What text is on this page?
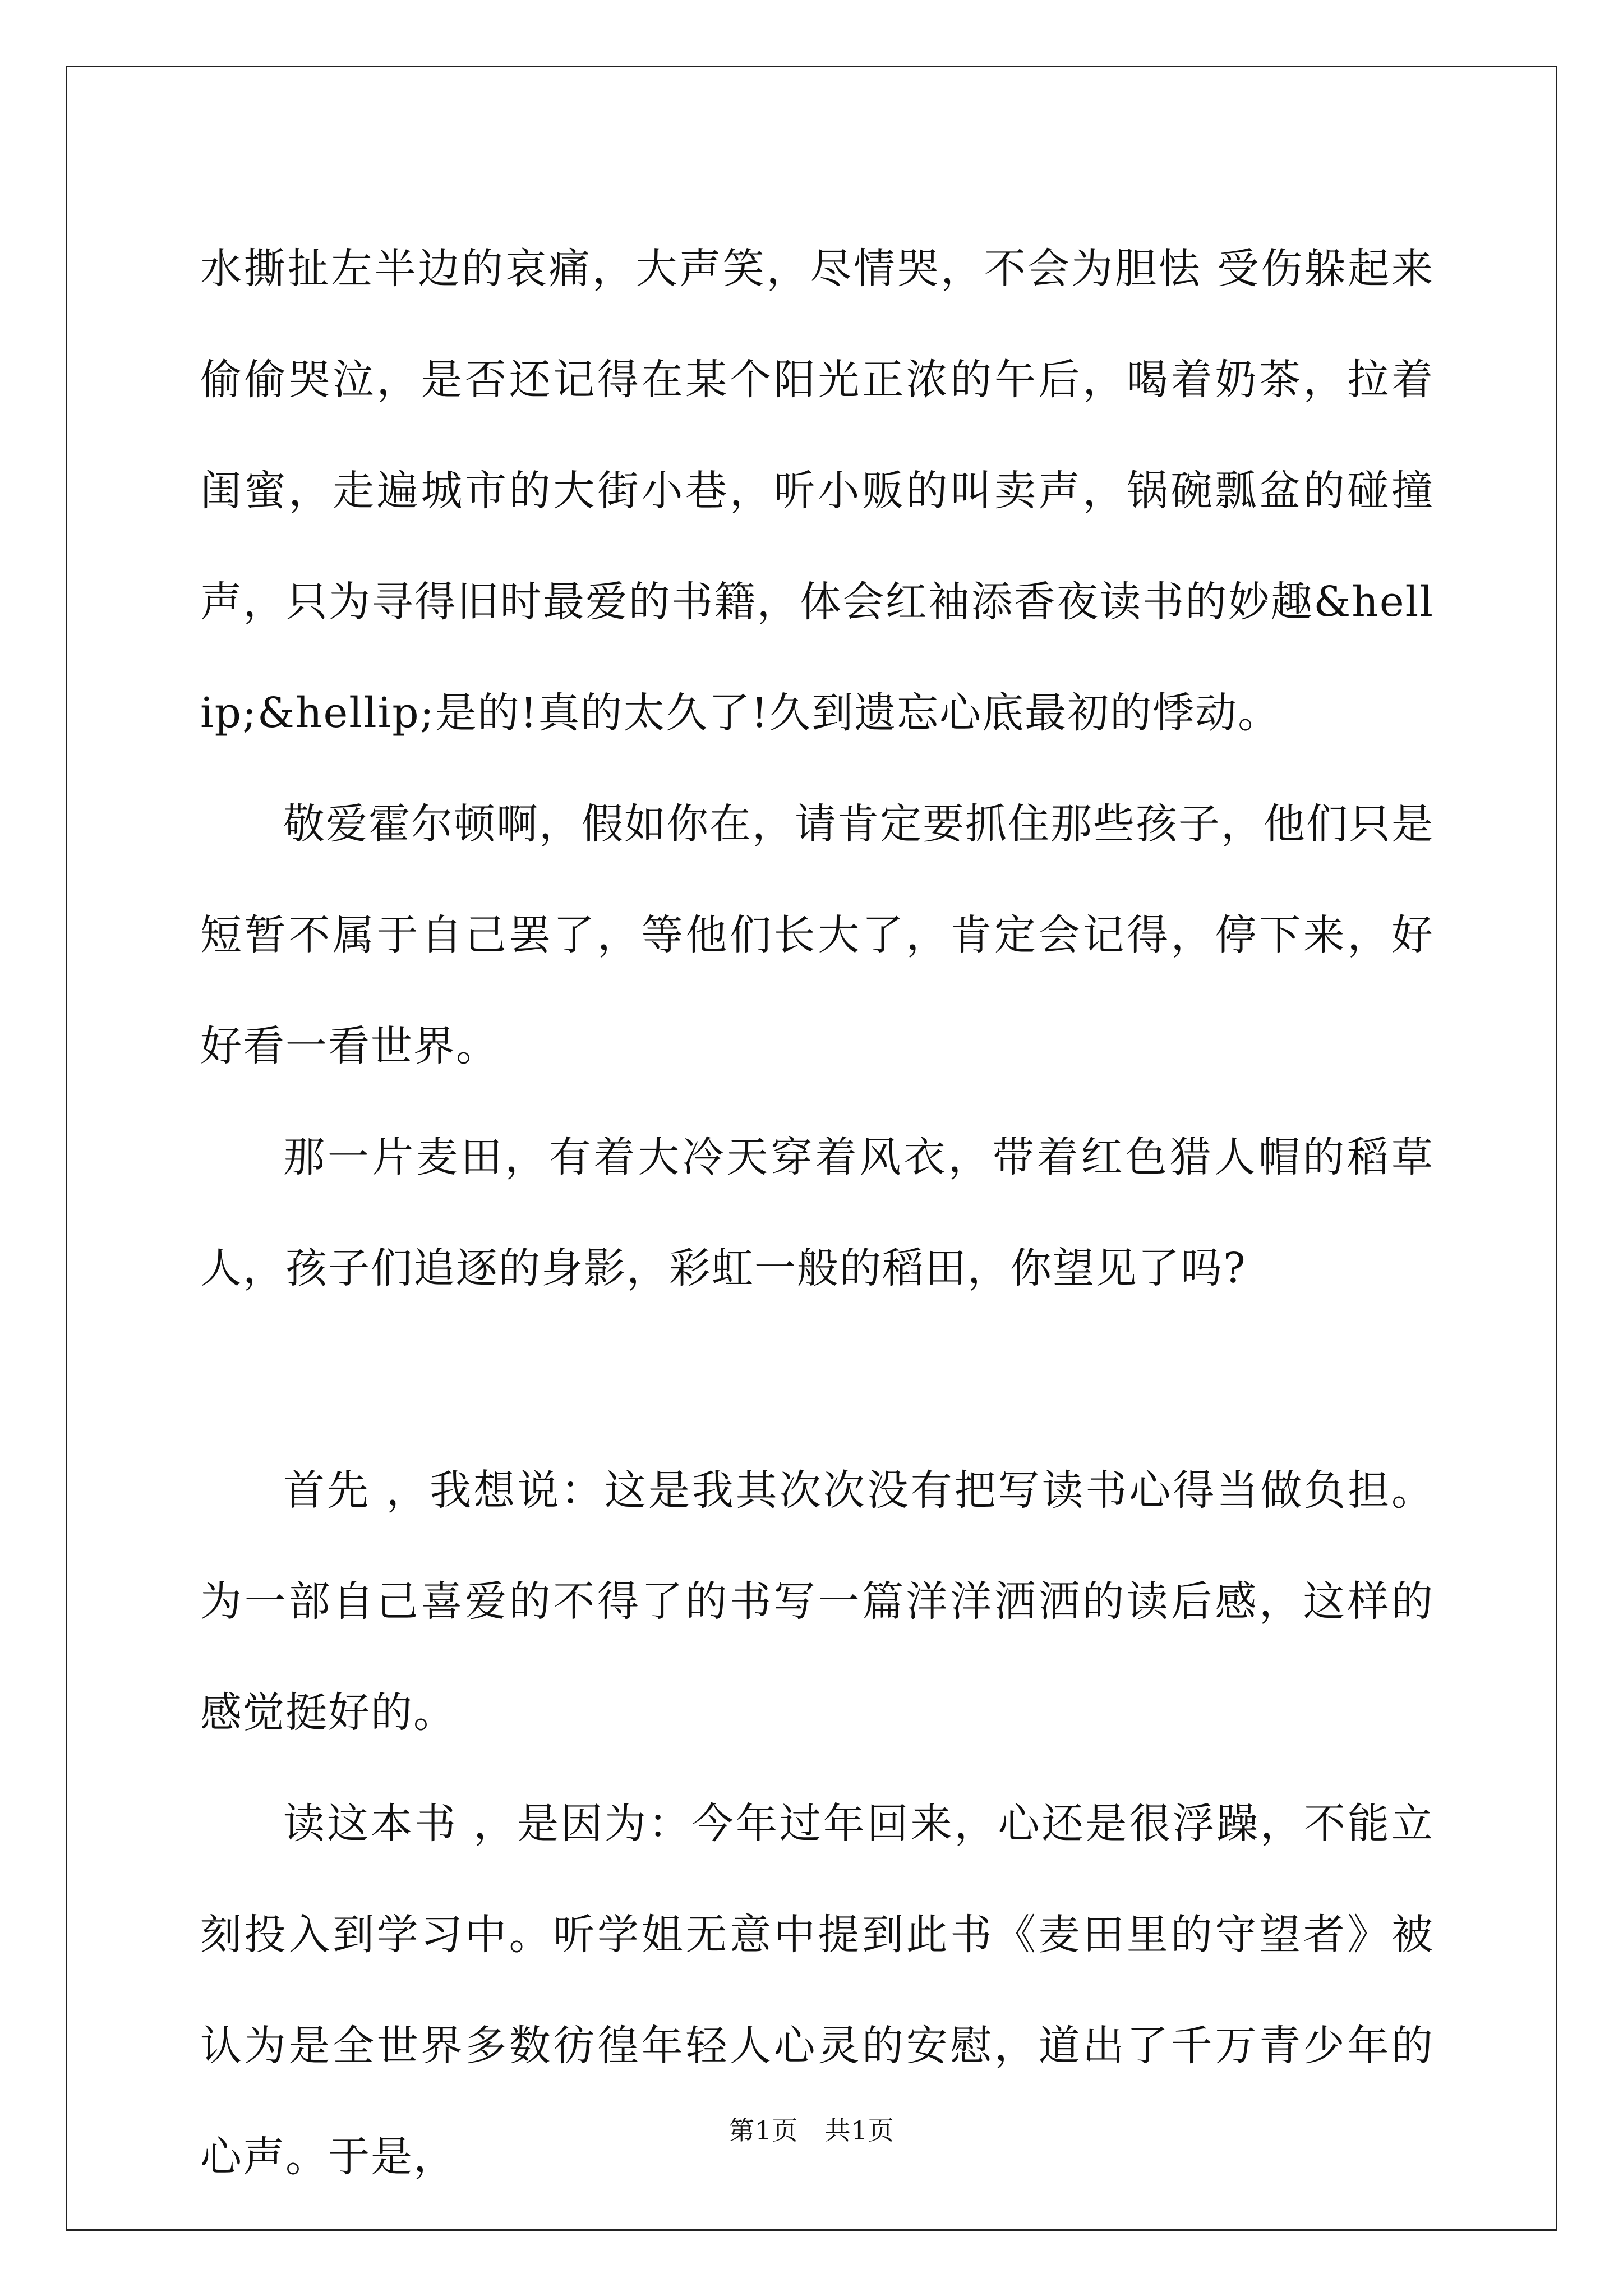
水撕扯左半边的哀痛，大声笑，尽情哭，不会为胆怯 受伤躲起来偷偷哭泣，是否还记得在某个阳光正浓的午后，喝着奶茶，拉着闺蜜，走遍城市的大街小巷，听小贩的叫卖声，锅碗瓢盆的碰撞声，只为寻得旧时最爱的书籍，体会红袖添香夜读书的妙趣&hellip;&hellip;是的!真的太久了!久到遗忘心底最初的悸动。

敬爱霍尔顿啊，假如你在，请肯定要抓住那些孩子，他们只是短暂不属于自己罢了，等他们长大了，肯定会记得，停下来，好好看一看世界。

那一片麦田，有着大冷天穿着风衣，带着红色猎人帽的稻草人，孩子们追逐的身影，彩虹一般的稻田，你望见了吗?

首先 ，我想说：这是我其次次没有把写读书心得当做负担。为一部自己喜爱的不得了的书写一篇洋洋洒洒的读后感，这样的感觉挺好的。

读这本书 ，是因为：今年过年回来，心还是很浮躁，不能立刻投入到学习中。听学姐无意中提到此书《麦田里的守望者》被认为是全世界多数彷徨年轻人心灵的安慰，道出了千万青少年的心声。于是，

第1页 共1页
